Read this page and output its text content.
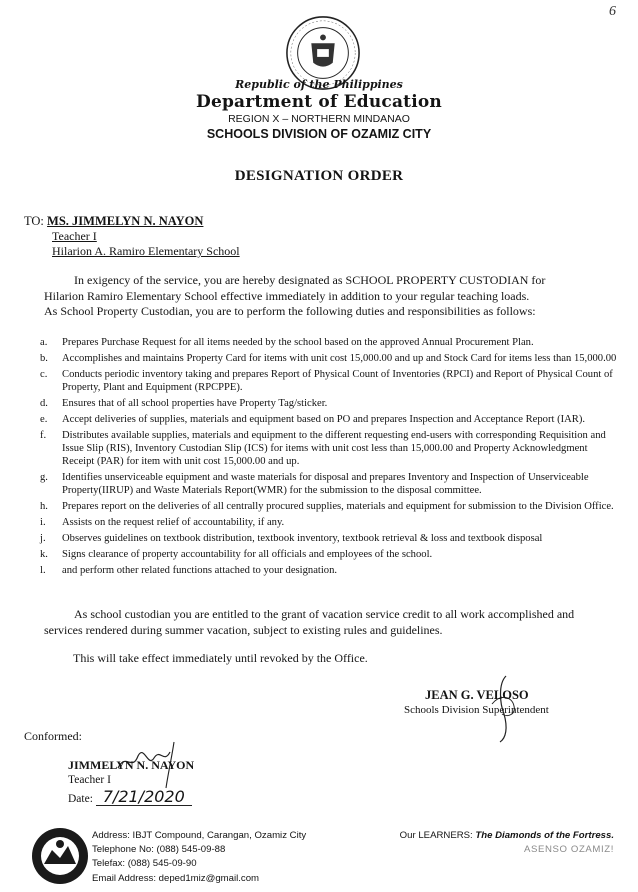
6
Republic of the Philippines
Department of Education
REGION X – NORTHERN MINDANAO
SCHOOLS DIVISION OF OZAMIZ CITY
DESIGNATION ORDER
TO: MS. JIMMELYN N. NAYON
Teacher I
Hilarion A. Ramiro Elementary School
In exigency of the service, you are hereby designated as SCHOOL PROPERTY CUSTODIAN for
Hilarion Ramiro Elementary School effective immediately in addition to your regular teaching loads.
As School Property Custodian, you are to perform the following duties and responsibilities as follows:
a.	Prepares Purchase Request for all items needed by the school based on the approved Annual Procurement Plan.
b.	Accomplishes and maintains Property Card for items with unit cost 15,000.00 and up and Stock Card for items less than 15,000.00
c.	Conducts periodic inventory taking and prepares Report of Physical Count of Inventories (RPCI) and Report of Physical Count of Property, Plant and Equipment (RPCPPE).
d.	Ensures that of all school properties have Property Tag/sticker.
e.	Accept deliveries of supplies, materials and equipment based on PO and prepares Inspection and Acceptance Report (IAR).
f.	Distributes available supplies, materials and equipment to the different requesting end-users with corresponding Requisition and Issue Slip (RIS), Inventory Custodian Slip (ICS) for items with unit cost less than 15,000.00 and Property Acknowledgment Receipt (PAR) for item with unit cost 15,000.00 and up.
g.	Identifies unserviceable equipment and waste materials for disposal and prepares Inventory and Inspection of Unserviceable Property(IIRUP) and Waste Materials Report(WMR) for the submission to the disposal committee.
h.	Prepares report on the deliveries of all centrally procured supplies, materials and equipment for submission to the Division Office.
i.	Assists on the request relief of accountability, if any.
j.	Observes guidelines on textbook distribution, textbook inventory, textbook retrieval & loss and textbook disposal
k.	Signs clearance of property accountability for all officials and employees of the school.
l.	and perform other related functions attached to your designation.
As school custodian you are entitled to the grant of vacation service credit to all work accomplished and
services rendered during summer vacation, subject to existing rules and guidelines.
This will take effect immediately until revoked by the Office.
JEAN G. VELOSO
Schools Division Superintendent
Conformed:
JIMMELYN N. NAYON
Teacher I
Date: 7/21/2020
Address: IBJT Compound, Carangan, Ozamiz City
Telephone No: (088) 545-09-88
Telefax: (088) 545-09-90
Email Address: deped1miz@gmail.com
Our LEARNERS: The Diamonds of the Fortress.
ASENSO OZAMIZ!
